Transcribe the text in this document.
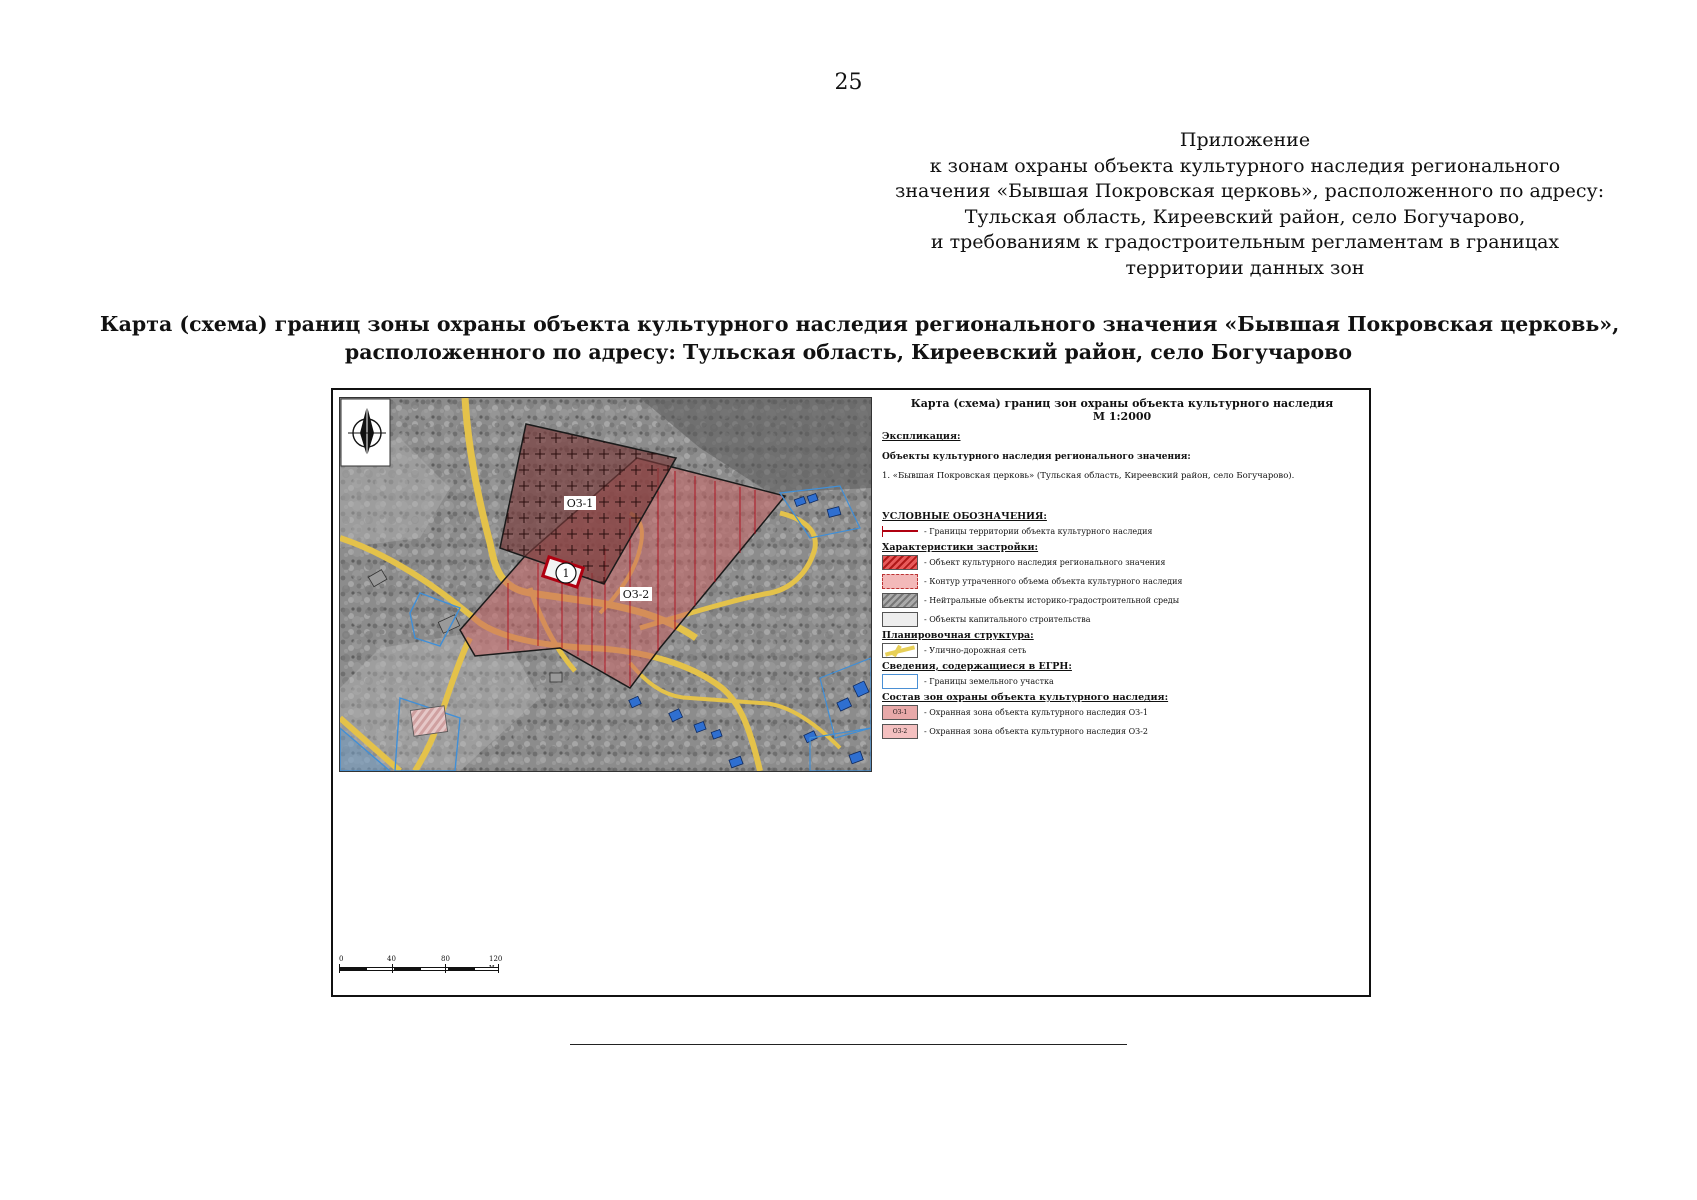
25
Приложение
к зонам охраны объекта культурного наследия регионального
значения «Бывшая Покровская церковь», расположенного по адресу:
Тульская область, Киреевский район, село Богучарово,
и требованиям к градостроительным регламентам в границах
территории данных зон
Карта (схема) границ зоны охраны объекта культурного наследия регионального значения «Бывшая Покровская церковь»,
расположенного по адресу: Тульская область, Киреевский район, село Богучарово
1
ОЗ-1
ОЗ-2
Карта (схема) границ зон охраны объекта культурного наследия
М 1:2000
Экспликация:
Объекты культурного наследия регионального значения:
1. «Бывшая Покровская церковь» (Тульская область, Киреевский район, село Богучарово).
УСЛОВНЫЕ ОБОЗНАЧЕНИЯ:
- Границы территории объекта культурного наследия
Характеристики застройки:
- Объект культурного наследия регионального значения
- Контур утраченного объема объекта культурного наследия
- Нейтральные объекты историко-градостроительной среды
- Объекты капитального строительства
Планировочная структура:
- Улично-дорожная сеть
Сведения, содержащиеся в ЕГРН:
- Границы земельного участка
Состав зон охраны объекта культурного наследия:
ОЗ-1	- Охранная зона объекта культурного наследия ОЗ-1
ОЗ-2	- Охранная зона объекта культурного наследия ОЗ-2
0	40	80	120
